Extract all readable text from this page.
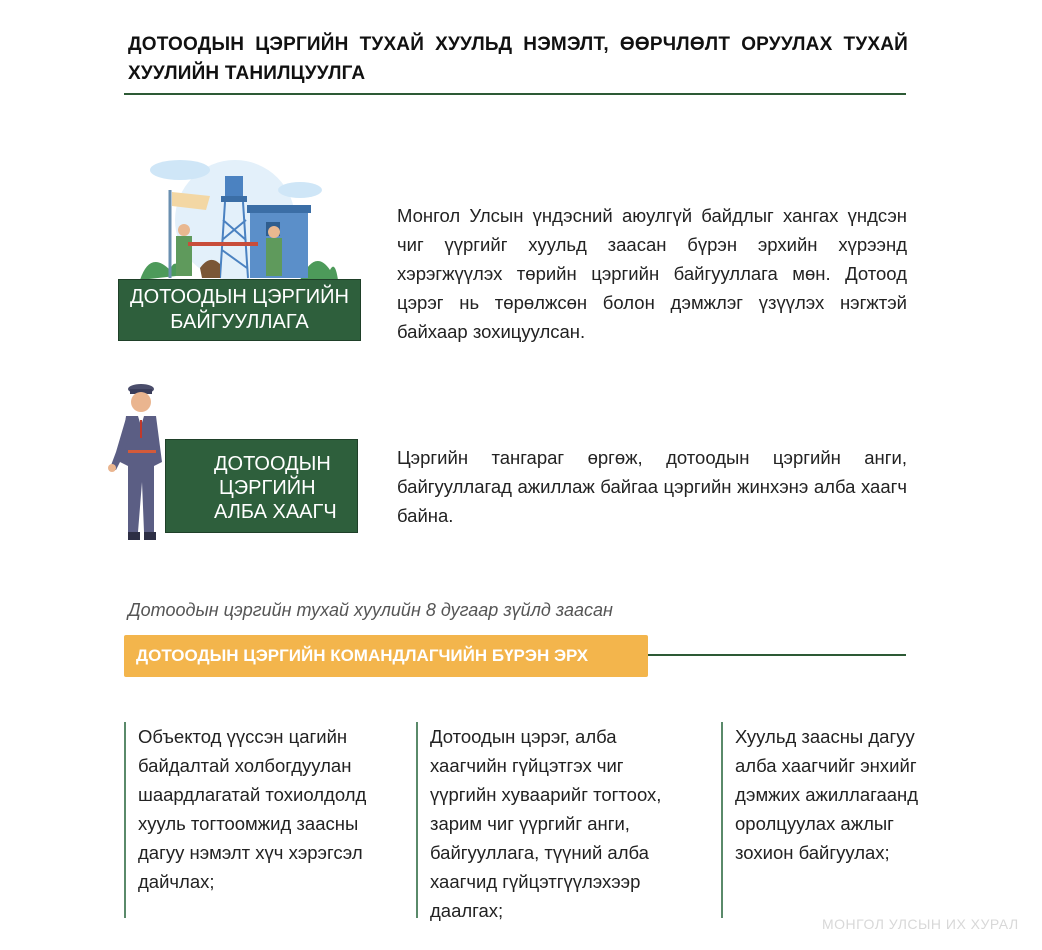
ДОТООДЫН ЦЭРГИЙН ТУХАЙ ХУУЛЬД НЭМЭЛТ, ӨӨРЧЛӨЛТ ОРУУЛАХ ТУХАЙ ХУУЛИЙН ТАНИЛЦУУЛГА
ДОТООДЫН ЦЭРГИЙН
БАЙГУУЛЛАГА
Монгол Улсын үндэсний аюулгүй байдлыг хангах үндсэн чиг үүргийг хуульд заасан бүрэн эрхийн хүрээнд хэрэгжүүлэх төрийн цэргийн байгууллага мөн. Дотоод цэрэг нь төрөлжсөн болон дэмжлэг үзүүлэх нэгжтэй байхаар зохицуулсан.
ДОТООДЫН
ЦЭРГИЙН
АЛБА ХААГЧ
Цэргийн тангараг өргөж, дотоодын цэргийн анги, байгууллагад ажиллаж байгаа цэргийн жинхэнэ алба хаагч байна.
Дотоодын цэргийн тухай хуулийн 8 дугаар зүйлд заасан
ДОТООДЫН ЦЭРГИЙН КОМАНДЛАГЧИЙН БҮРЭН ЭРХ
Объектод үүссэн цагийн байдалтай холбогдуулан шаардлагатай тохиолдолд хууль тогтоомжид заасны дагуу нэмэлт хүч хэрэгсэл дайчлах;
Дотоодын цэрэг, алба хаагчийн гүйцэтгэх чиг үүргийн хуваарийг тогтоох, зарим чиг үүргийг анги, байгууллага, түүний алба хаагчид гүйцэтгүүлэхээр даалгах;
Хуульд заасны дагуу алба хаагчийг энхийг дэмжих ажиллагаанд оролцуулах ажлыг зохион байгуулах;
МОНГОЛ УЛСЫН ИХ ХУРАЛ
